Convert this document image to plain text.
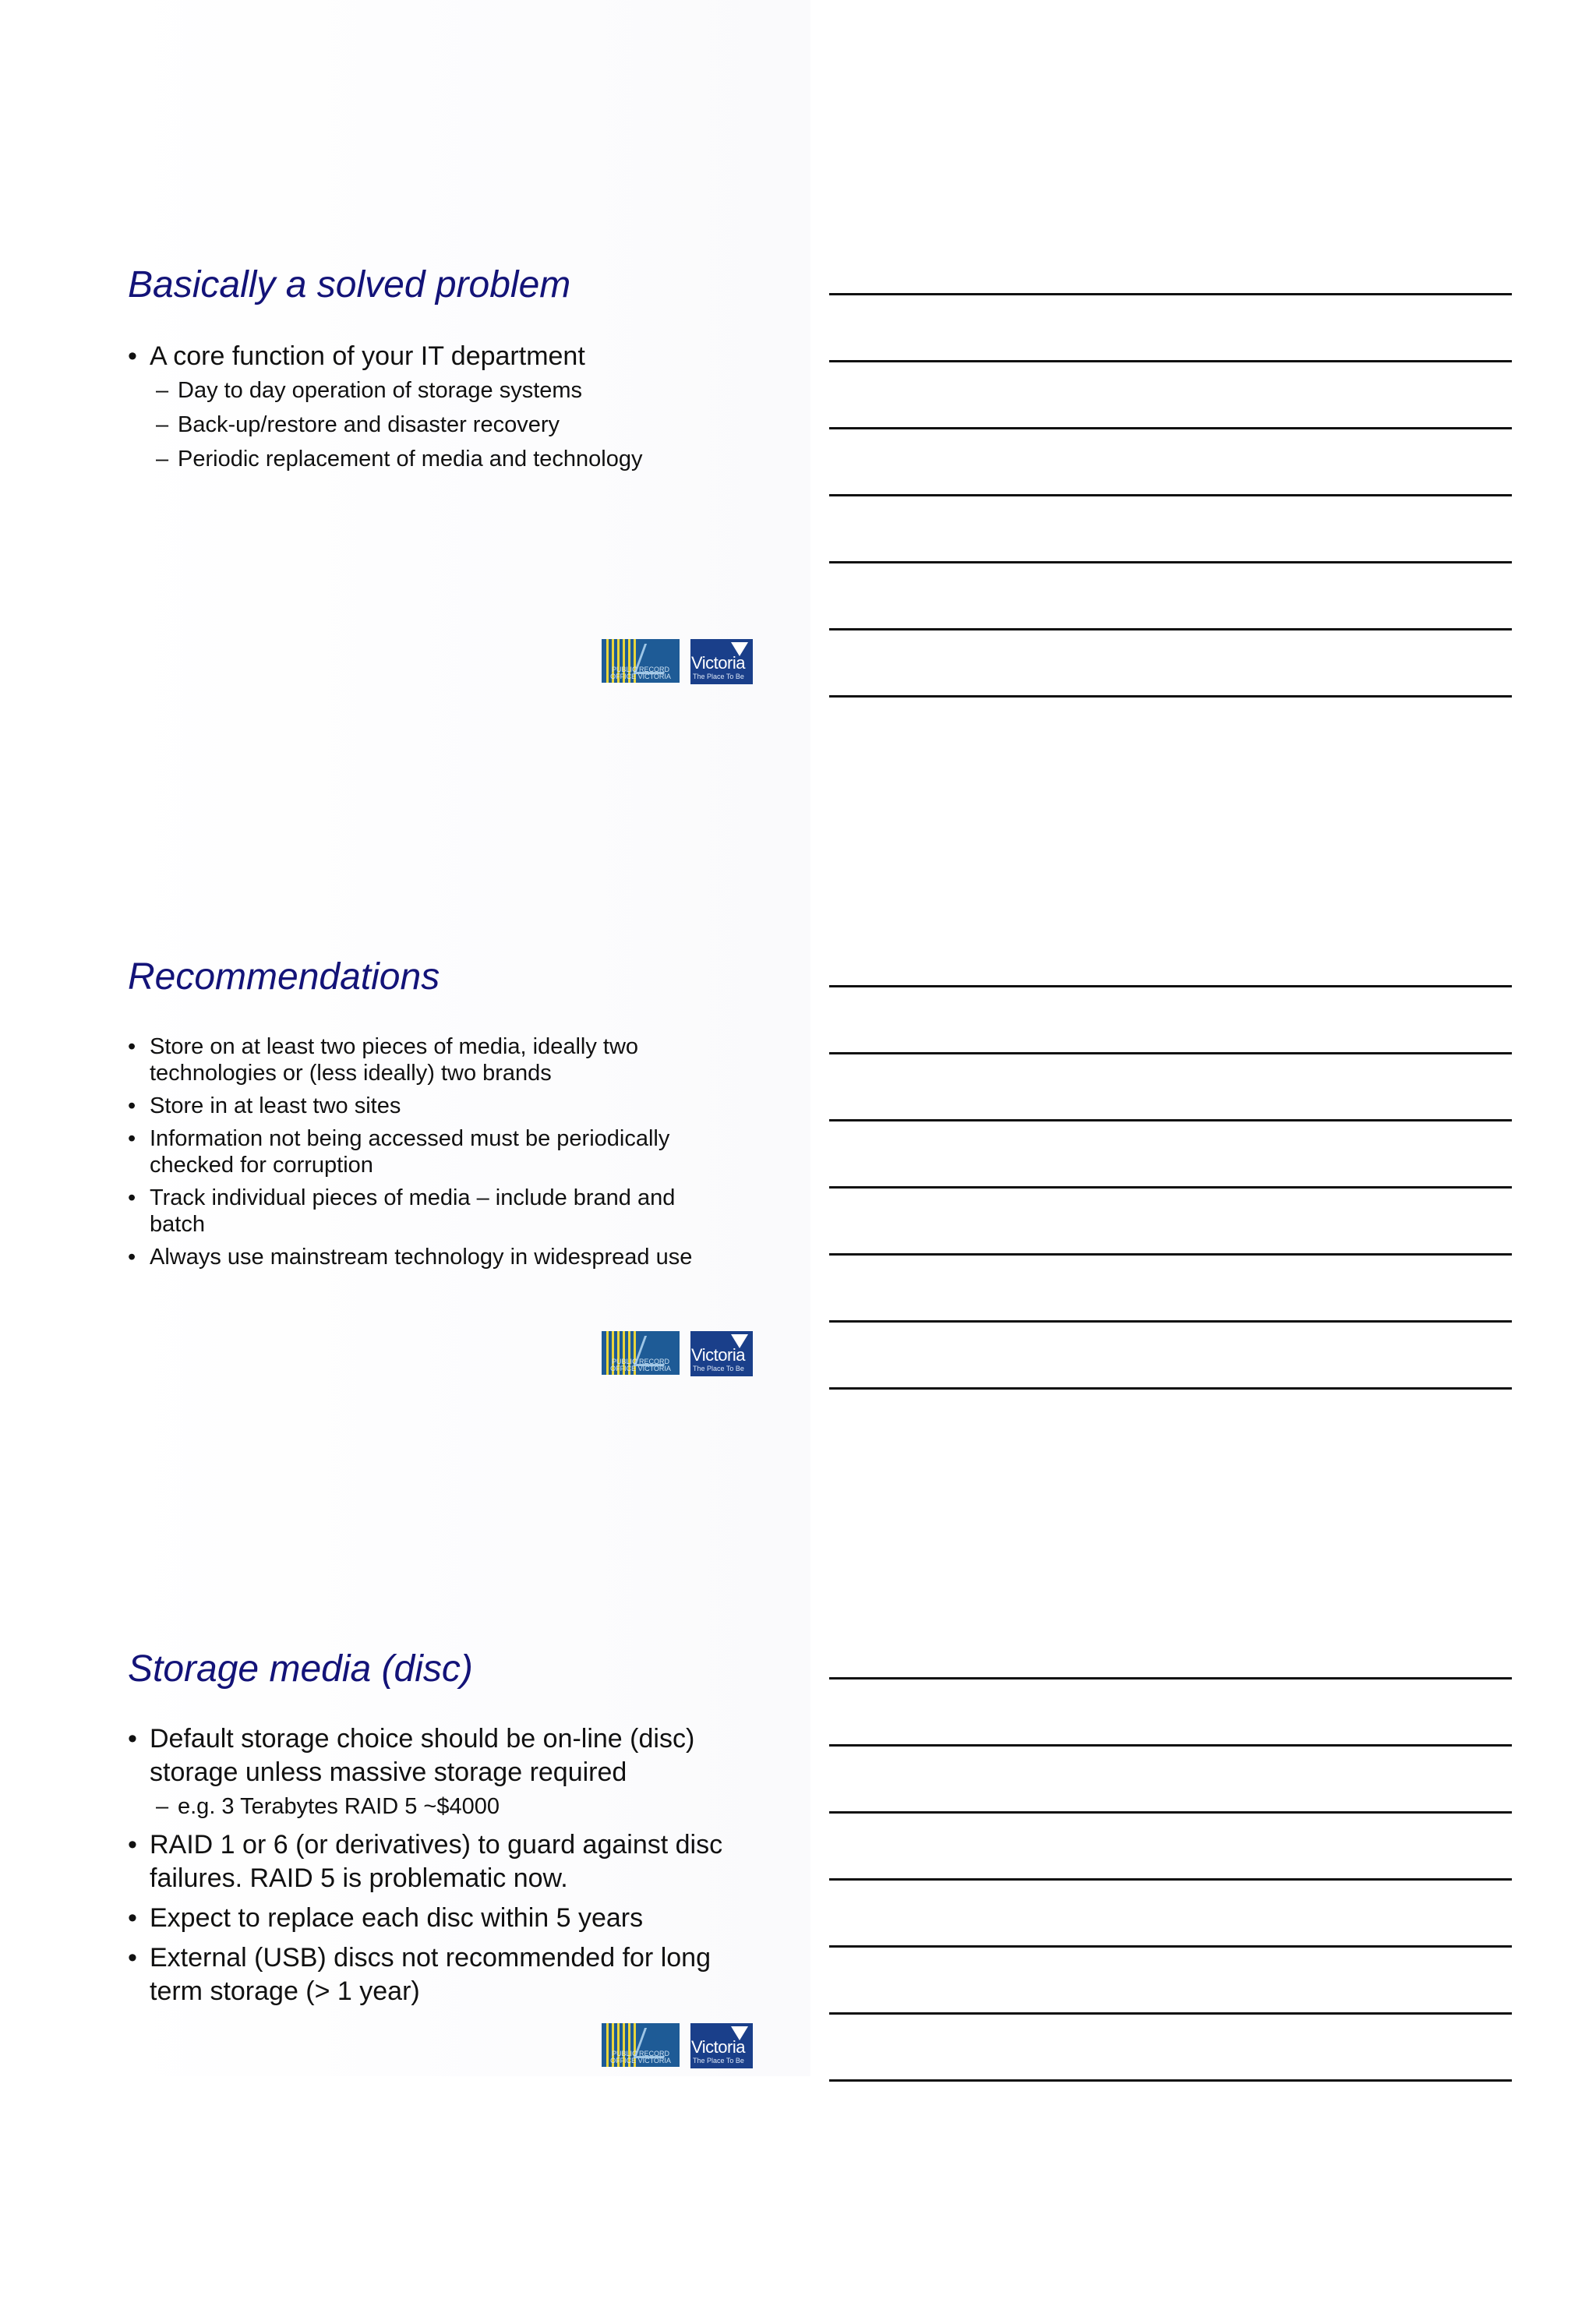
Basically a solved problem
• A core function of your IT department
– Day to day operation of storage systems
– Back-up/restore and disaster recovery
– Periodic replacement of media and technology
PUBLIC RECORD OFFICE VICTORIA
Victoria
The Place To Be
Recommendations
• Store on at least two pieces of media, ideally two technologies or (less ideally) two brands
• Store in at least two sites
• Information not being accessed must be periodically checked for corruption
• Track individual pieces of media – include brand and batch
• Always use mainstream technology in widespread use
PUBLIC RECORD OFFICE VICTORIA
Victoria
The Place To Be
Storage media (disc)
• Default storage choice should be on-line (disc) storage unless massive storage required
– e.g. 3 Terabytes RAID 5 ~$4000
• RAID 1 or 6 (or derivatives) to guard against disc failures. RAID 5 is problematic now.
• Expect to replace each disc within 5 years
• External (USB) discs not recommended for long term storage (> 1 year)
PUBLIC RECORD OFFICE VICTORIA
Victoria
The Place To Be
